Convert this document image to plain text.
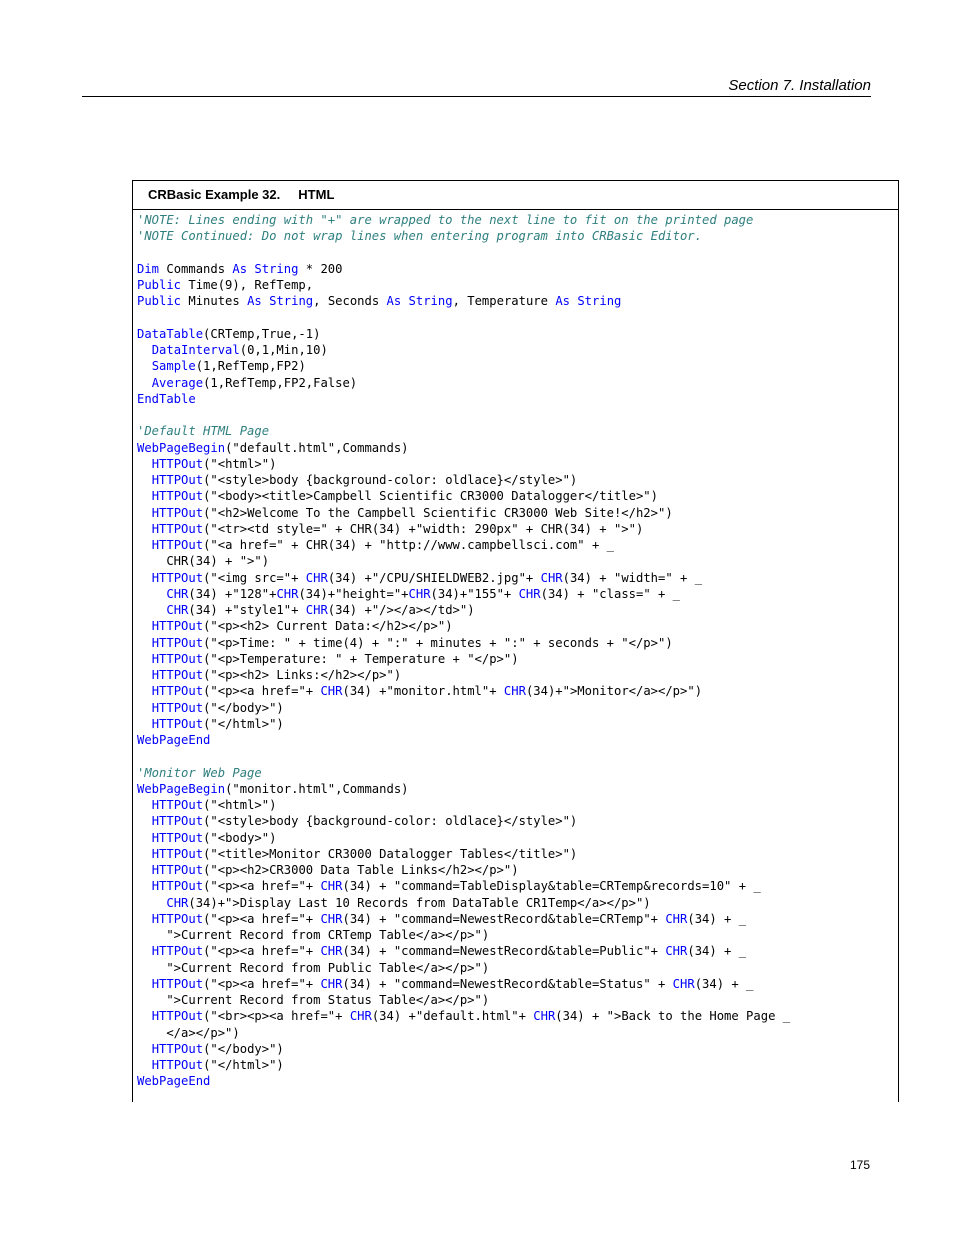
Section 7. Installation
CRBasic Example 32. HTML
'NOTE: Lines ending with "+" are wrapped to the next line to fit on the printed page
'NOTE Continued: Do not wrap lines when entering program into CRBasic Editor.
Dim Commands As String * 200
Public Time(9), RefTemp,
Public Minutes As String, Seconds As String, Temperature As String
DataTable(CRTemp,True,-1)
DataInterval(0,1,Min,10)
Sample(1,RefTemp,FP2)
Average(1,RefTemp,FP2,False)
EndTable
'Default HTML Page
WebPageBegin("default.html",Commands)
HTTPOut("<html>")
HTTPOut("<style>body {background-color: oldlace}</style>")
HTTPOut("<body><title>Campbell Scientific CR3000 Datalogger</title>")
HTTPOut("<h2>Welcome To the Campbell Scientific CR3000 Web Site!</h2>")
HTTPOut("<tr><td style=" + CHR(34) +"width: 290px" + CHR(34) + ">")
HTTPOut("<a href=" + CHR(34) + "http://www.campbellsci.com" + _
CHR(34) + ">")
HTTPOut("<img src="+ CHR(34) +"/CPU/SHIELDWEB2.jpg"+ CHR(34) + "width=" + _
CHR(34) +"128"+CHR(34)+"height="+CHR(34)+"155"+ CHR(34) + "class=" + _
CHR(34) +"style1"+ CHR(34) +"/></a></td>")
HTTPOut("<p><h2> Current Data:</h2></p>")
HTTPOut("<p>Time: " + time(4) + ":" + minutes + ":" + seconds + "</p>")
HTTPOut("<p>Temperature: " + Temperature + "</p>")
HTTPOut("<p><h2> Links:</h2></p>")
HTTPOut("<p><a href="+ CHR(34) +"monitor.html"+ CHR(34)+">Monitor</a></p>")
HTTPOut("</body>")
HTTPOut("</html>")
WebPageEnd
'Monitor Web Page
WebPageBegin("monitor.html",Commands)
HTTPOut("<html>")
HTTPOut("<style>body {background-color: oldlace}</style>")
HTTPOut("<body>")
HTTPOut("<title>Monitor CR3000 Datalogger Tables</title>")
HTTPOut("<p><h2>CR3000 Data Table Links</h2></p>")
HTTPOut("<p><a href="+ CHR(34) + "command=TableDisplay&table=CRTemp&records=10" + _
CHR(34)+">Display Last 10 Records from DataTable CR1Temp</a></p>")
HTTPOut("<p><a href="+ CHR(34) + "command=NewestRecord&table=CRTemp"+ CHR(34) + _
">Current Record from CRTemp Table</a></p>")
HTTPOut("<p><a href="+ CHR(34) + "command=NewestRecord&table=Public"+ CHR(34) + _
">Current Record from Public Table</a></p>")
HTTPOut("<p><a href="+ CHR(34) + "command=NewestRecord&table=Status" + CHR(34) + _
">Current Record from Status Table</a></p>")
HTTPOut("<br><p><a href="+ CHR(34) +"default.html"+ CHR(34) + ">Back to the Home Page _
</a></p>")
HTTPOut("</body>")
HTTPOut("</html>")
WebPageEnd
175
